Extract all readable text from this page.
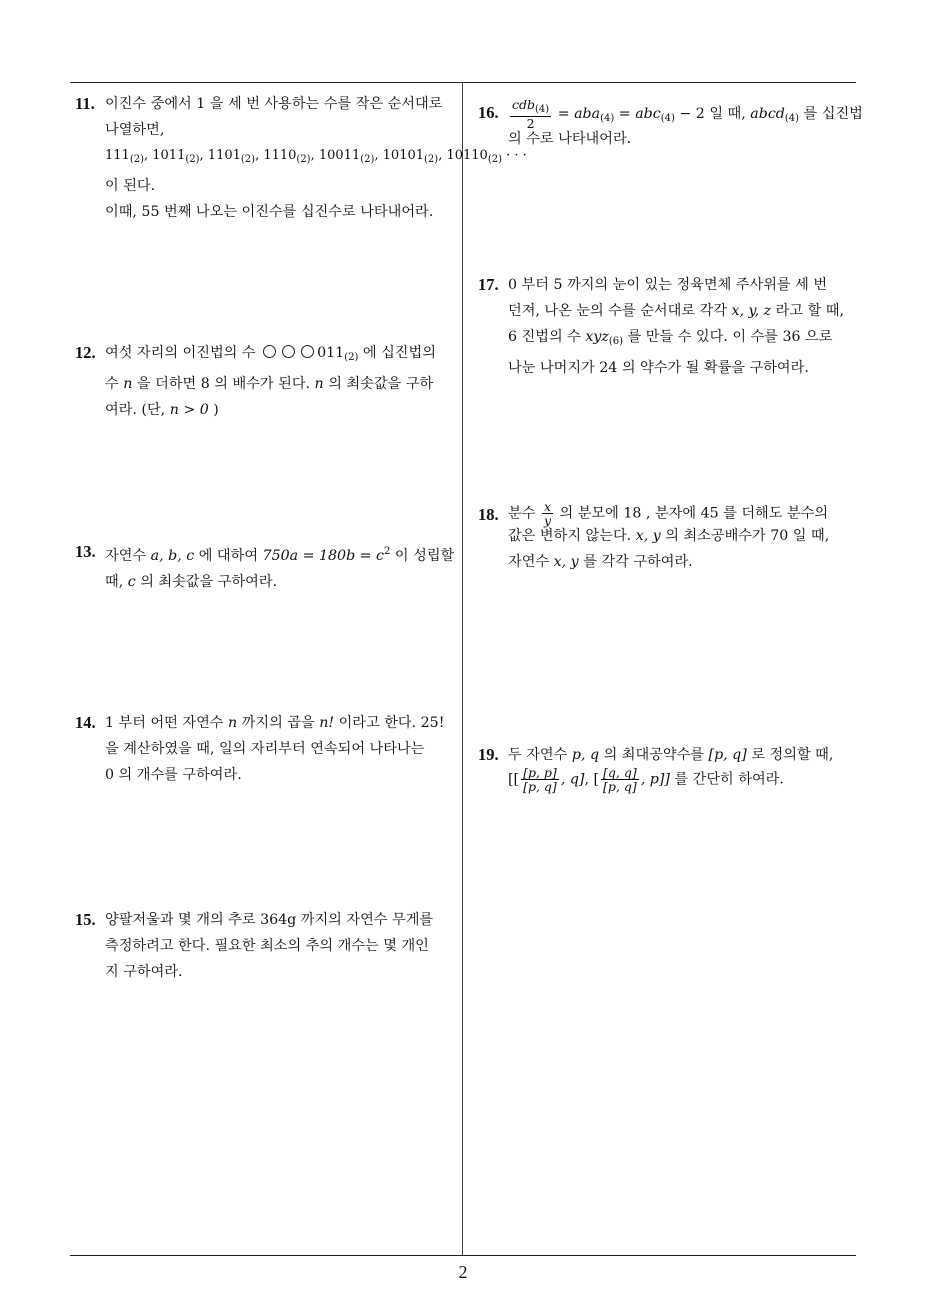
11. 이진수 중에서 1 을 세 번 사용하는 수를 작은 순서대로
나열하면,
$111_{(2)}$, $1011_{(2)}$, $1101_{(2)}$, $1110_{(2)}$, $10011_{(2)}$, $10101_{(2)}$, $10110_{(2)}$ · · ·
이 된다.
이때, 55 번째 나오는 이진수를 십진수로 나타내어라.
12. 여섯 자리의 이진법의 수	$011_{(2)}$ 에 십진법의
수 n 을 더하면 8 의 배수가 된다. n 의 최솟값을 구하
여라. (단, n > 0 )
13. 자연수 a, b, c 에 대하여 $750a = 180b = c^2$ 이 성립할
때, c 의 최솟값을 구하여라.
14. 1 부터 어떤 자연수 n 까지의 곱을 n! 이라고 한다. 25!
을 계산하였을 때, 일의 자리부터 연속되어 나타나는
0 의 개수를 구하여라.
15. 양팔저울과 몇 개의 추로 364g 까지의 자연수 무게를
측정하려고 한다. 필요한 최소의 추의 개수는 몇 개인
지 구하여라.
16. $\frac{cdb_{(4)}}{2} = aba_{(4)} = abc_{(4)} - 2$ 일 때, abcd$_{(4)}$ 를 십진법
의 수로 나타내어라.
17. 0 부터 5 까지의 눈이 있는 정육면체 주사위를 세 번
던져, 나온 눈의 수를 순서대로 각각 x, y, z 라고 할 때,
6 진법의 수 xyz$_{(6)}$ 를 만들 수 있다. 이 수를 36 으로
나눈 나머지가 24 의 약수가 될 확률을 구하여라.
18. 분수 $\frac{x}{y}$ 의 분모에 18 , 분자에 45 를 더해도 분수의
값은 변하지 않는다. x, y 의 최소공배수가 70 일 때,
자연수 x, y 를 각각 구하여라.
19. 두 자연수 p, q 의 최대공약수를 [p, q] 로 정의할 때,
[[ $\frac{[p, p]}{[p, q]}$ , q], [ $\frac{[q, q]}{[p, q]}$ , p]] 를 간단히 하여라.
2
